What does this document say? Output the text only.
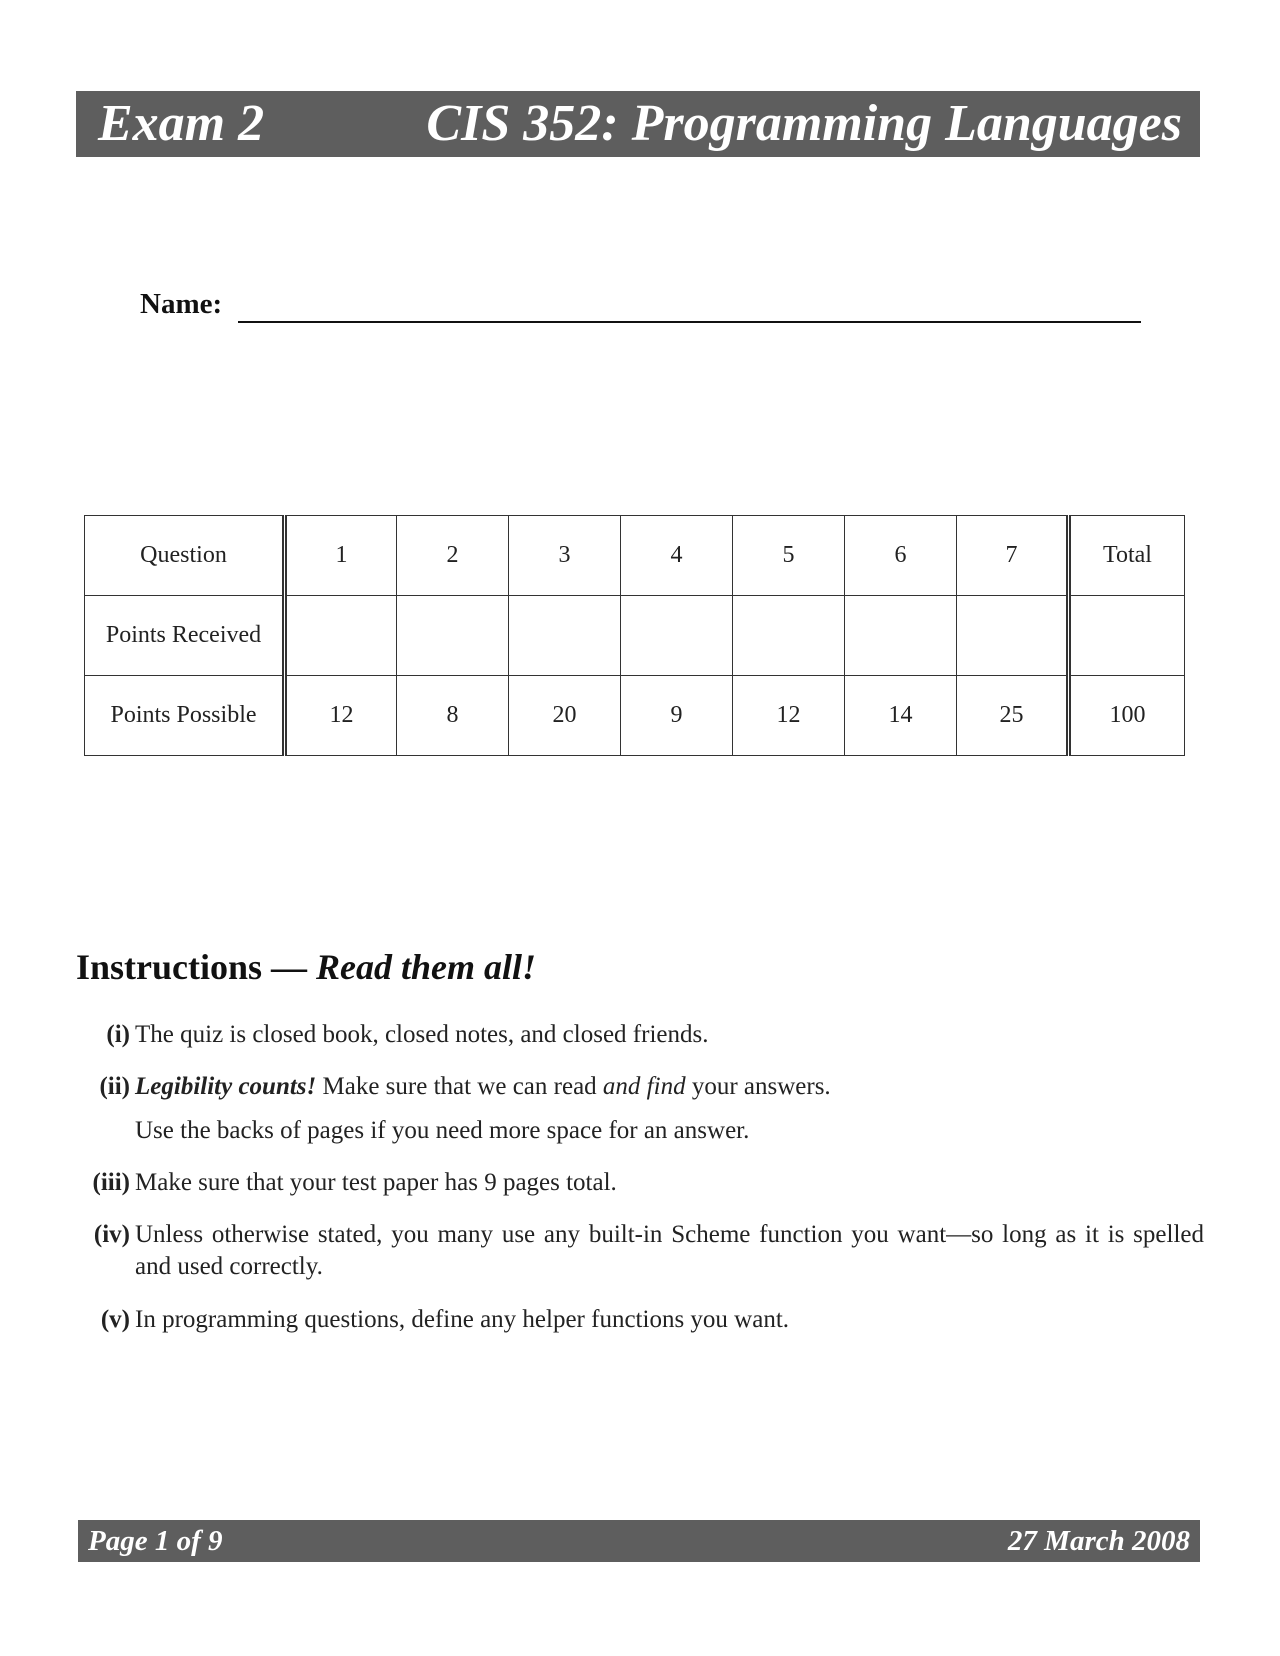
Exam 2	CIS 352: Programming Languages
Name:
Question	1	2	3	4	5	6	7	Total
Points Received								
Points Possible	12	8	20	9	12	14	25	100
Instructions — Read them all!
(i) The quiz is closed book, closed notes, and closed friends.
(ii) Legibility counts! Make sure that we can read and find your answers.
Use the backs of pages if you need more space for an answer.
(iii) Make sure that your test paper has 9 pages total.
(iv) Unless otherwise stated, you many use any built-in Scheme function you want—so long as it is spelled and used correctly.
(v) In programming questions, define any helper functions you want.
Page 1 of 9	27 March 2008
